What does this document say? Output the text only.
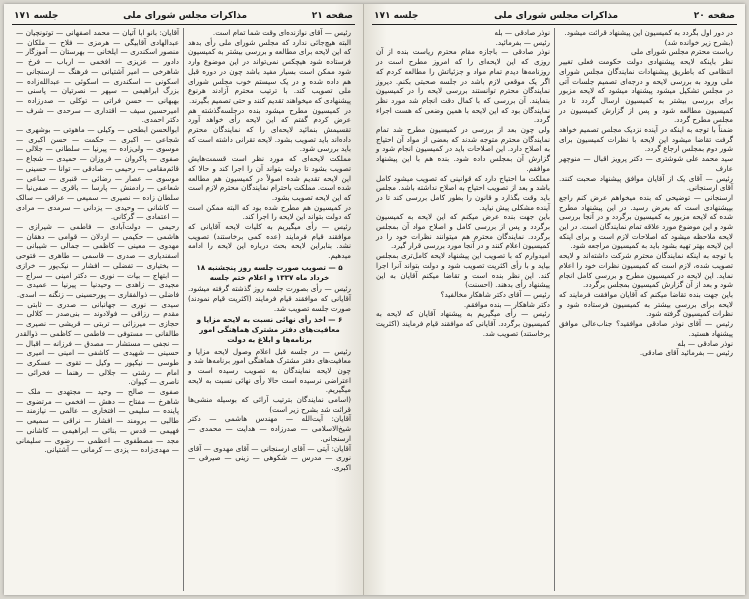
صفحه ۲۱
مذاکرات مجلس شورای ملی
جلسه ۱۷۱

رئیس — آقای نوازنده‌ای وقت شما تمام است.

البته هیچ‌جائی ندارد که مجلس شورای ملی رأی بدهد که این لایحه برای مطالعه و بررسی بیشتر به کمیسیون فرستاده شود هیچکس نمی‌تواند در این موضوع وارد شود ممکن است بسیار مفید باشد چون در دوره قبل هم داده شده و در یک سیستم خوب مجلس شورای ملی تصویب کند. با ترتیب محترم آزادند هرنوع پیشنهادی که میخواهند تقدیم کنند و حتی تصمیم بگیرند.

در کمیسیون مطرح میشود بنده درجلسه‌گذشته هم عرض کردم گفتم که این لایحه رأی خواهد آورد تقسیمش بنمائید لایحه‌ای را که نمایندگان محترم داده‌اند باید تصویب بشود. لایحه تقرانی داشته است که باید بررسی شود.

مملکت لایحه‌ای که مورد نظر است قسمت‌هایش تصویب بشود تا دولت بتواند آن را اجرا کند و حالا که این لایحه تقدیم شده اصولاً در کمیسیون هم مطالعه شده است. مملکت باحترام نمایندگان محترم لازم است که این لایحه تصویب بشود.

در کمیسیون هم مطرح شده بود که البته ممکن است که دولت بتواند این لایحه را اجرا کند.

رئیس — رأی میگیریم به کلیات لایحه آقایانی که موافقند قیام فرمایند (عده کمی برخاستند) تصویب نشد. بنابراین لایحه بحث درباره این لایحه را ادامه میدهیم.

۵ — تصویب صورت جلسه روز پنجشنبه ۱۸ خرداد ماه ۱۳۳۷ و اعلام ختم جلسه

رئیس — رأی بصورت جلسه روز گذشته گرفته میشود. آقایانی که موافقند قیام فرمایند (اکثریت قیام نمودند) صورت جلسه تصویب شد.

۶ — اخذ رأی نهائی نسبت به لایحه مزایا و معافیت‌های دفتر مشترک هماهنگی امور برنامه‌ها و ابلاغ به دولت

رئیس — در جلسه قبل اعلام وصول لایحه مزایا و معافیت‌های دفتر مشترک هماهنگی امور برنامه‌ها شد و چون لایحه نمایندگان به تصویب رسیده است و اعتراضی نرسیده است حالا رأی نهائی نسبت به لایحه میگیریم.

(اسامی نمایندگان بترتیب آرائی که بوسیله منشی‌ها قرائت شد بشرح زیر است)

آقایان: آیت‌الله — مهندس هاشمی — دکتر شیخ‌الاسلامی — صدرزاده — هدایت — محمدی — ارسنجانی.

آقایان: آیتی — آقای ارسنجانی — آقای مهدوی — آقای نوری — مدرس — شکوهی — زینی — صیرفی — اکبری.

آقایان: بانو ابا آتیان — محمد اصفهانی — توتونچیان — عبدالهادی آقابیگی — هرمزی — فلاح — ملکان — منصور اسکندری — ایلخانی — بهرستان — آموزگار — دادور — عزیزی — افخمی — ارباب — فرخ — شاهرخی — امیر آشتیانی — فرهنگ — ارسنجانی — اسکونی — اسکندری — اسکوئی — عبدالله‌زاده — بزرگ ابراهیمی — سپهر — نصرتیان — پاسنی — بهبهانی — حسن فراتی — توکلی — صدرزاده — امیرحسین سیف — اقتداری — سرحدی — شرف — دکتر احمدی.

ابوالحسن ابطحی — وکیلی — ماهوتی — بوشهری — شجاعی — اکبری — حکمت — حسن اکبری — موسوی — ولی‌زاده — پیرنیا — سلطانی — جلالی — صفوی — پاکروان — فروزان — حمیدی — شجاع — قائم‌مقامی — رحیمی — صادقی — توانا — حسینی — موسوی — عصار — رضائی — قنبری — ساعی — شعاعی — رادمنش — پارسا — باقری — صفی‌نیا — سلطان زاده — نصیری — سمیعی — عراقی — سالک — کاشانی — وحیدی — یزدانی — سرمدی — مرادی — اعتمادی — گرکانی.

رحیمی — دولت‌آبادی — فاطمی — شیرازی — هاشمی — حکیمی — اردلان — قوامی — دهقان — مهدوی — معینی — کاظمی — جمالی — شیبانی — اسفندیاری — صدری — قاسمی — طاهری — فتوحی — بختیاری — تفضلی — افشار — نیک‌پور — خرازی — ابتهاج — بیات — نوری — دکتر امینی — سراج — مجیدی — زاهدی — وحیدنیا — پیرنیا — عمیدی — فاضلی — ذوالفقاری — پورحسینی — زنگنه — اسدی.

سیدی — نوری — جهانبانی — صدری — ثابتی — مقدم — رزاقی — فولادوند — بنی‌صدر — کلالی — حجازی — میرزائی — تربتی — قریشی — نصیری — طالقانی — مستوفی — فاطمی — کاظمی — ذوالقدر — نجفی — مستشار — مصدق — فرزانه — اقبال — حسینی — شهیدی — کاشفی — امینی — امیری — طوسی — نیکپور — وکیل — تقوی — عسکری — امام — رشتی — جلالی — رهنما — فخرائی — ناصری — کیوان.

صفوی — صالح — وحید — مجتهدی — ملک — شاهرخ — مفتاح — دهش — افخمی — مرتضوی — پاینده — سلیمی — افتخاری — عالمی — نیازمند — طالبی — برومند — افشار — نراقی — سمیعی — فهیمی — قدس — بنائی — ابراهیمی — کاشانی — مجد — مصطفوی — اعظمی — رضوی — سلیمانی — مهدی‌زاده — یزدی — کرمانی — آشتیانی.

صفحه ۲۰
مذاکرات مجلس شورای ملی
جلسه ۱۷۱

در دور اول بگردد به کمیسیون این پیشنهاد قرائت میشود.

(بشرح زیر خوانده شد)

ریاست محترم مجلس شورای ملی

نظر باینکه لایحه پیشنهادی دولت حکومت فعلی تغییر انتظامی که باطریق پیشنهادات نمایندگان مجلس شورای ملی ورود به بررسی لایحه و درجه‌ای تصمیم جلسات آتی در مجلس تشکیل میشود پیشنهاد میشود که لایحه مزبور برای بررسی بیشتر به کمیسیون ارسال گردد تا در کمیسیون مطالعه شود و پس از گزارش کمیسیون در مجلس مطرح گردد.

ضمناً با توجه به اینکه در آینده نزدیک مجلس تصمیم خواهد گرفت تقاضا میشود این لایحه با نظرات کمیسیون برای شور دوم بمجلس ارجاع گردد.

سید محمد علی شوشتری — دکتر پرویز اقبال — منوچهر عارف

رئیس — آقای یک از آقایان موافق پیشنهاد صحبت کنند. آقای ارسنجانی.

ارسنجانی — توضیحی که بنده میخواهم عرض کنم راجع بپیشنهادی است که بعرض رسید. در این پیشنهاد مطرح شده که لایحه مزبور به کمیسیون برگردد و در آنجا بررسی شود و این موضوع مورد علاقه تمام نمایندگان است. در این لایحه ملاحظه میشود که اصلاحات لازم است و برای اینکه این لایحه بهتر تهیه بشود باید به کمیسیون مراجعه شود.

با توجه به اینکه نمایندگان محترم شرکت داشته‌اند و لایحه تصویب شده، لازم است که کمیسیون نظرات خود را اعلام نماید. این لایحه در کمیسیون مطرح و بررسی کامل انجام شود و بعد از آن گزارش کمیسیون بمجلس برگردد.

باین جهت بنده تقاضا میکنم که آقایان موافقت فرمایند که لایحه برای بررسی بیشتر به کمیسیون فرستاده شود و نظرات کمیسیون گرفته شود.

رئیس — آقای نوذر صادقی موافقید؟ جناب‌عالی موافق پیشنهاد هستید.

نوذر صادقی — بله

رئیس — بفرمائید آقای صادقی.

نوذر صادقی — بله

رئیس — بفرمائید.

نوذر صادقی — باجازه مقام محترم ریاست بنده از آن روزی که این لایحه‌ای را که امروز مطرح است در روزنامه‌ها دیدم تمام مواد و جزئیاتش را مطالعه کردم که اگر یک موقعی لازم باشد در جلسه صحبتی بکنم. دیروز نمایندگان محترم توانستند بررسی لایحه را در کمیسیون بنمایند. آن بررسی که با کمال دقت انجام شد مورد نظر نمایندگان بود که این لایحه با همین وضعی که هست اجراء گردد.

ولی چون بعد از بررسی در کمیسیون مطرح شد تمام نمایندگان محترم متوجه شدند که بعضی از مواد آن احتیاج به اصلاح دارد. این اصلاحات باید در کمیسیون انجام شود و گزارش آن بمجلس داده شود. بنده هم با این پیشنهاد موافقم.

مملکت ما احتیاج دارد که قوانینی که تصویب میشود کامل باشد و بعد از تصویب احتیاج به اصلاح نداشته باشد. مجلس باید وقت بگذارد و قانون را بطور کامل بررسی کند تا در آینده مشکلی پیش نیاید.

باین جهت بنده عرض میکنم که این لایحه به کمیسیون برگردد و پس از بررسی کامل و اصلاح مواد آن بمجلس برگردد. نمایندگان محترم هم میتوانند نظرات خود را در کمیسیون اعلام کنند و در آنجا مورد بررسی قرار گیرد.

امیدوارم که با تصویب این پیشنهاد لایحه کامل‌تری بمجلس بیاید و با رأی اکثریت تصویب شود و دولت بتواند آنرا اجرا کند. این نظر بنده است و تقاضا میکنم آقایان به این پیشنهاد رأی بدهند. (احسنت)

رئیس — آقای دکتر شاهکار مخالفید؟

دکتر شاهکار — بنده موافقم.

رئیس — رأی میگیریم به پیشنهاد آقایان که لایحه به کمیسیون برگردد. آقایانی که موافقند قیام فرمایند (اکثریت برخاستند) تصویب شد.
